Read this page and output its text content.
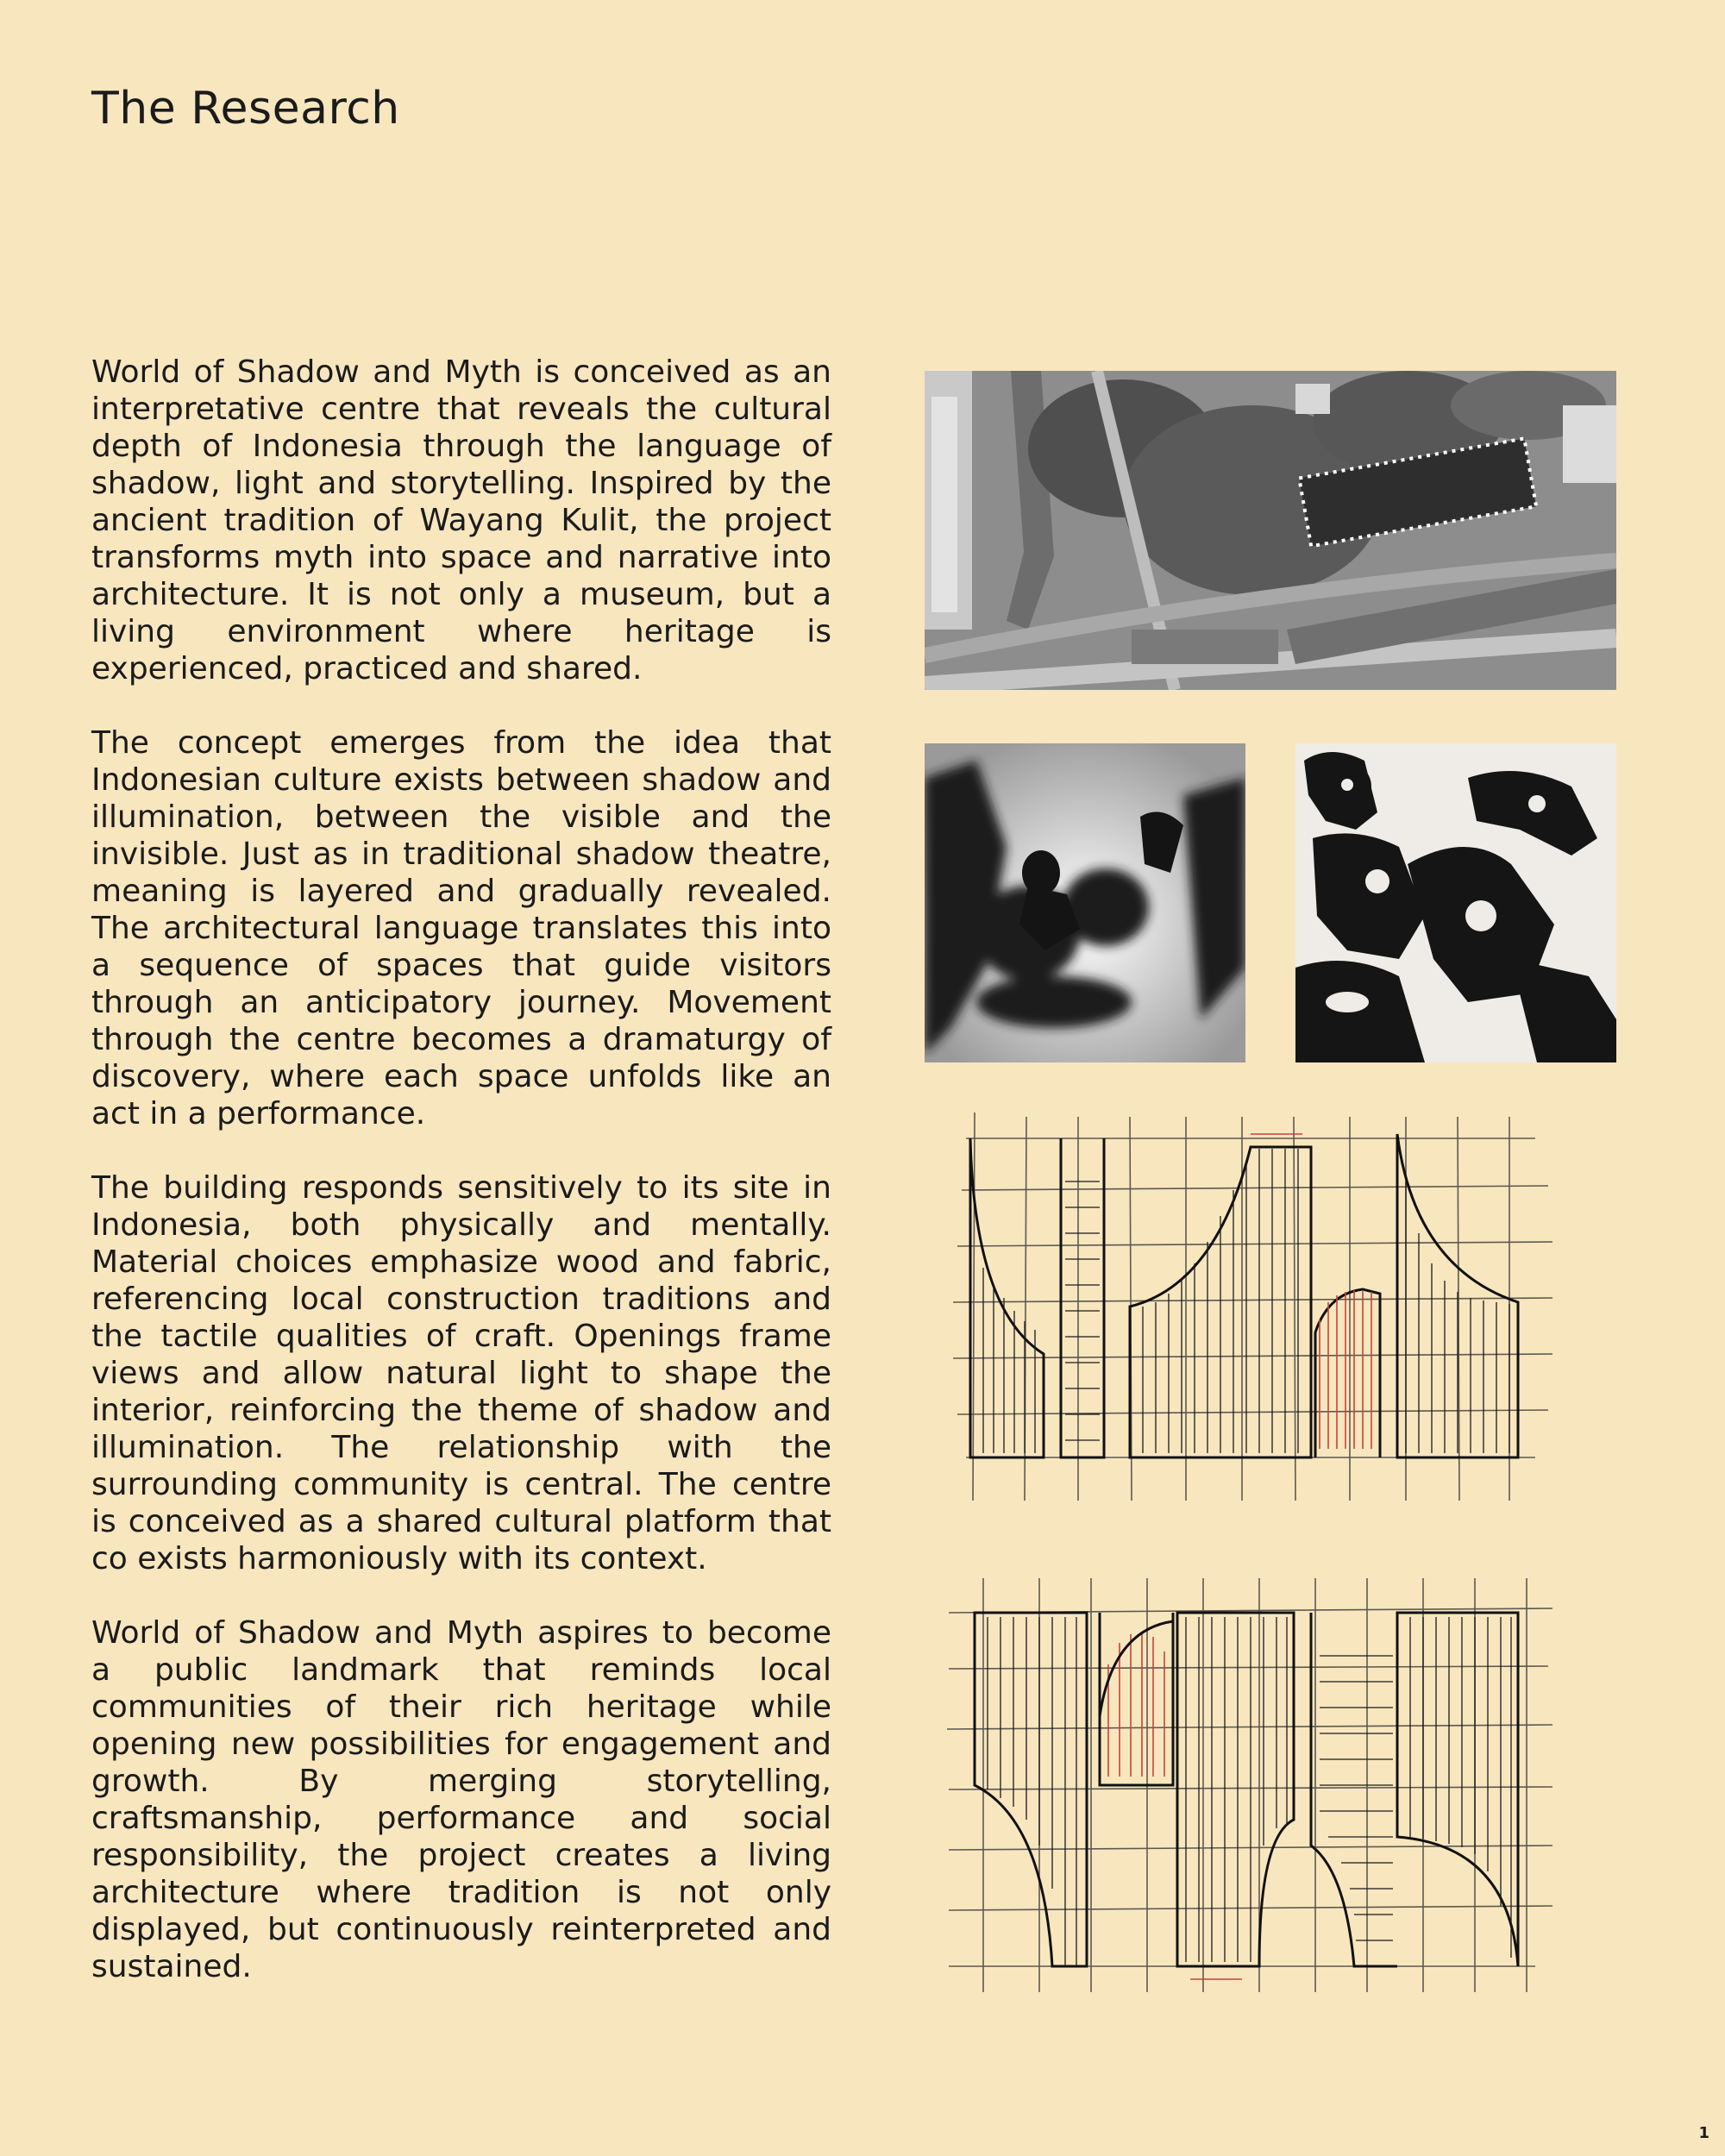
The Research

World of Shadow and Myth is conceived as an interpretative centre that reveals the cultural depth of Indonesia through the language of shadow, light and storytelling. Inspired by the ancient tradition of Wayang Kulit, the project transforms myth into space and narrative into architecture. It is not only a museum, but a living environment where heritage is experienced, practiced and shared.

The concept emerges from the idea that Indonesian culture exists between shadow and illumination, between the visible and the invisible. Just as in traditional shadow theatre, meaning is layered and gradually revealed. The architectural language translates this into a sequence of spaces that guide visitors through an anticipatory journey. Movement through the centre becomes a dramaturgy of discovery, where each space unfolds like an act in a performance.

The building responds sensitively to its site in Indonesia, both physically and mentally. Material choices emphasize wood and fabric, referencing local construction traditions and the tactile qualities of craft. Openings frame views and allow natural light to shape the interior, reinforcing the theme of shadow and illumination. The relationship with the surrounding community is central. The centre is conceived as a shared cultural platform that co exists harmoniously with its context.

World of Shadow and Myth aspires to become a public landmark that reminds local communities of their rich heritage while opening new possibilities for engagement and growth. By merging storytelling, craftsmanship, performance and social responsibility, the project creates a living architecture where tradition is not only displayed, but continuously reinterpreted and sustained.

1
